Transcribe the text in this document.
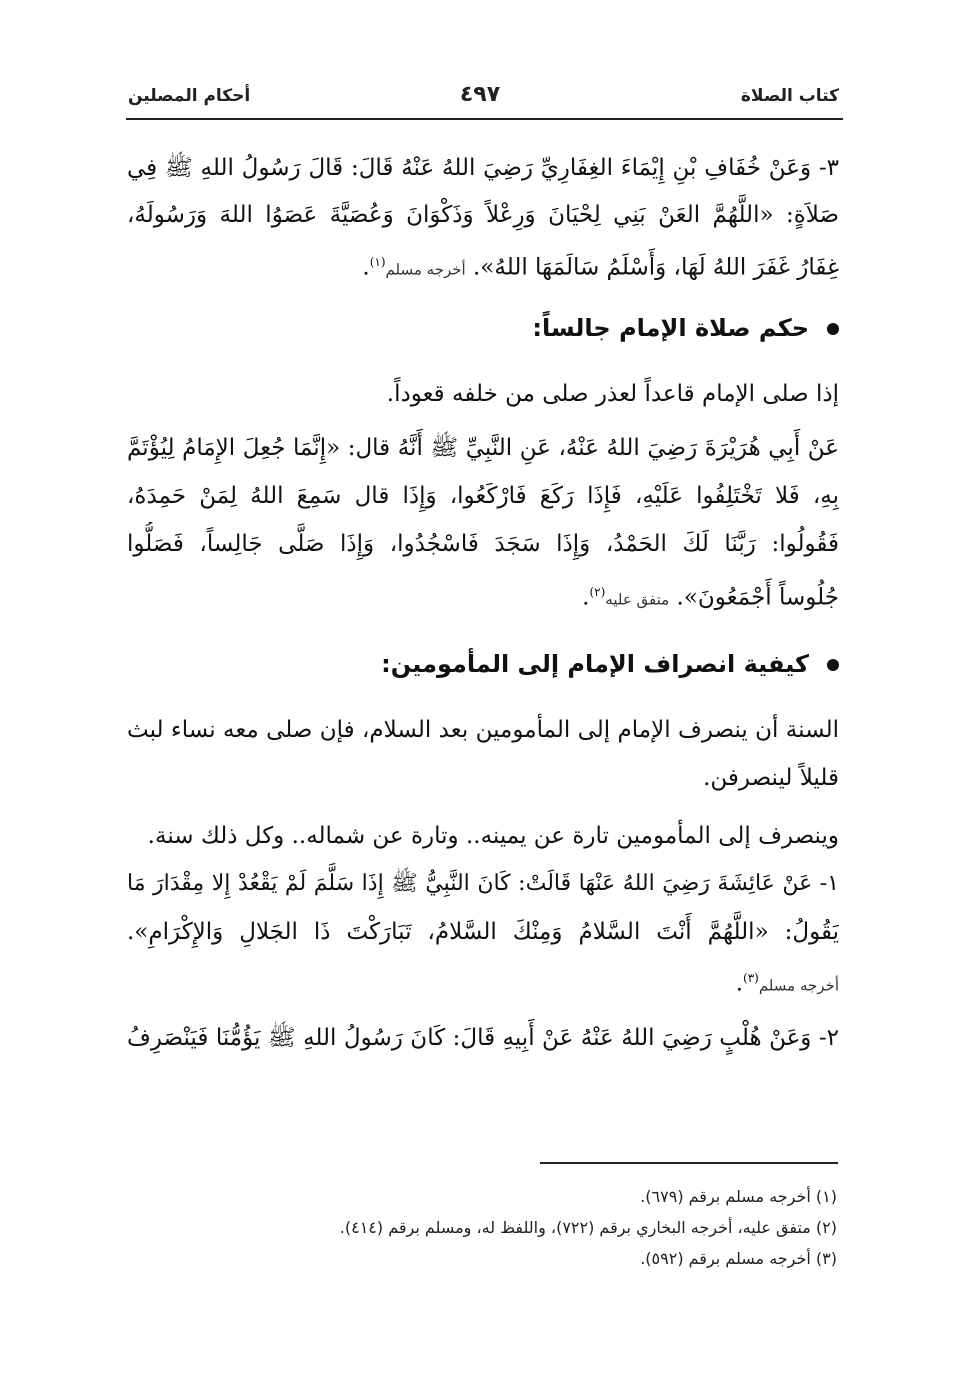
كتاب الصلاة
٤٩٧
أحكام المصلين
٣- وَعَنْ خُفَافِ بْنِ إِيْمَاءَ الغِفَارِيِّ رَضِيَ اللهُ عَنْهُ قَالَ: قَالَ رَسُولُ اللهِ ﷺ فِي
صَلاَةٍ: «اللَّهُمَّ العَنْ بَنِي لِحْيَانَ وَرِعْلاً وَذَكْوَانَ وَعُصَيَّةَ عَصَوُا اللهَ وَرَسُولَهُ،
غِفَارُ غَفَرَ اللهُ لَهَا، وَأَسْلَمُ سَالَمَهَا اللهُ». أخرجه مسلم$^{(١)}$.
حكم صلاة الإمام جالساً:
إذا صلى الإمام قاعداً لعذر صلى من خلفه قعوداً.
عَنْ أَبِي هُرَيْرَةَ رَضِيَ اللهُ عَنْهُ، عَنِ النَّبِيِّ ﷺ أَنَّهُ قال: «إِنَّمَا جُعِلَ الإِمَامُ لِيُؤْتَمَّ
بِهِ، فَلا تَخْتَلِفُوا عَلَيْهِ، فَإِذَا رَكَعَ فَارْكَعُوا، وَإِذَا قال سَمِعَ اللهُ لِمَنْ حَمِدَهُ،
فَقُولُوا: رَبَّنَا لَكَ الحَمْدُ، وَإِذَا سَجَدَ فَاسْجُدُوا، وَإِذَا صَلَّى جَالِساً، فَصَلُّوا
جُلُوساً أَجْمَعُونَ». متفق عليه$^{(٢)}$.
كيفية انصراف الإمام إلى المأمومين:
السنة أن ينصرف الإمام إلى المأمومين بعد السلام، فإن صلى معه نساء لبث
قليلاً لينصرفن.
وينصرف إلى المأمومين تارة عن يمينه.. وتارة عن شماله.. وكل ذلك سنة.
١- عَنْ عَائِشَةَ رَضِيَ اللهُ عَنْهَا قَالَتْ: كَانَ النَّبِيُّ ﷺ إِذَا سَلَّمَ لَمْ يَقْعُدْ إِلا مِقْدَارَ مَا
يَقُولُ: «اللَّهُمَّ أَنْتَ السَّلامُ وَمِنْكَ السَّلامُ، تَبَارَكْتَ ذَا الجَلالِ وَالإِكْرَامِ».
أخرجه مسلم$^{(٣)}$.
٢- وَعَنْ هُلْبٍ رَضِيَ اللهُ عَنْهُ عَنْ أَبِيهِ قَالَ: كَانَ رَسُولُ اللهِ ﷺ يَؤُمُّنَا فَيَنْصَرِفُ
(١) أخرجه مسلم برقم (٦٧٩).
(٢) متفق عليه، أخرجه البخاري برقم (٧٢٢)، واللفظ له، ومسلم برقم (٤١٤).
(٣) أخرجه مسلم برقم (٥٩٢).
